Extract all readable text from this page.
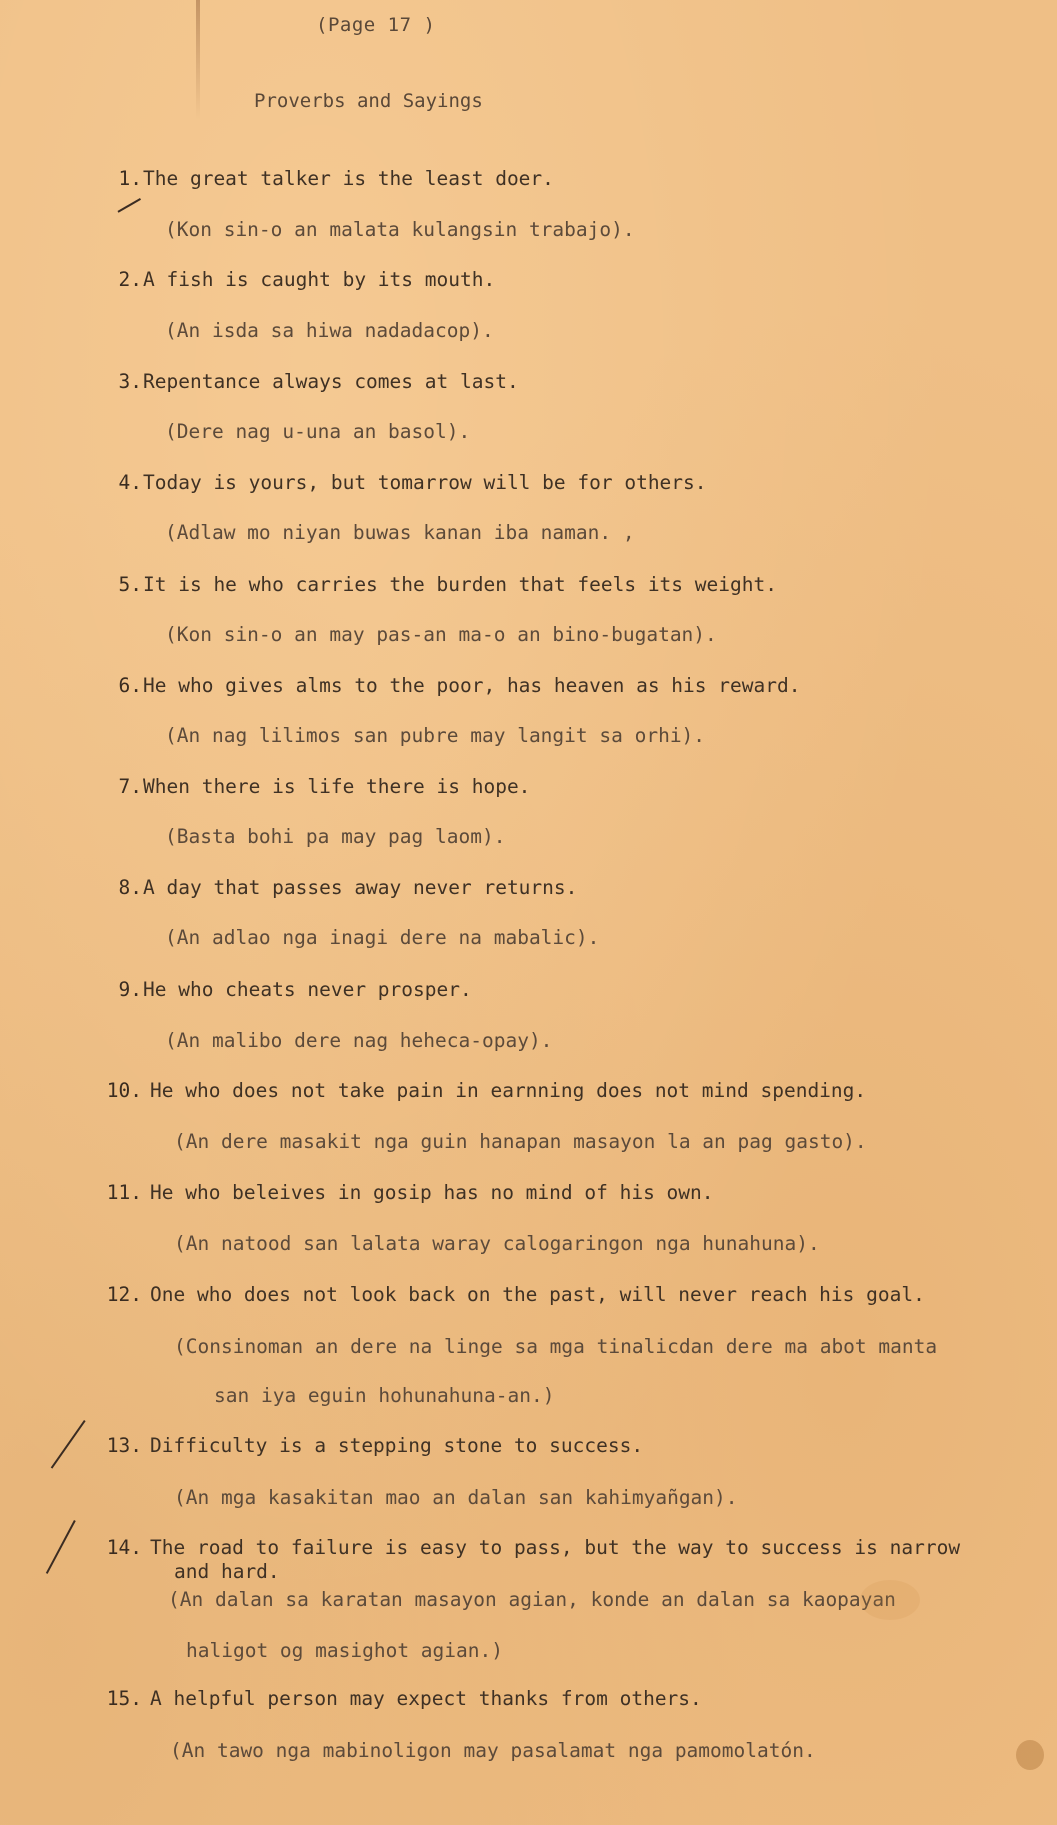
(Page 17 )
Proverbs and Sayings
1. The great talker is the least doer.
(Kon sin-o an malata kulangsin trabajo).
2. A fish is caught by its mouth.
(An isda sa hiwa nadadacop).
3. Repentance always comes at last.
(Dere nag u-una an basol).
4. Today is yours, but tomarrow will be for others.
(Adlaw mo niyan buwas kanan iba naman. ,
5. It is he who carries the burden that feels its weight.
(Kon sin-o an may pas-an ma-o an bino-bugatan).
6. He who gives alms to the poor, has heaven as his reward.
(An nag lilimos san pubre may langit sa orhi).
7. When there is life there is hope.
(Basta bohi pa may pag laom).
8. A day that passes away never returns.
(An adlao nga inagi dere na mabalic).
9. He who cheats never prosper.
(An malibo dere nag heheca-opay).
10. He who does not take pain in earnning does not mind spending.
(An dere masakit nga guin hanapan masayon la an pag gasto).
11. He who beleives in gosip has no mind of his own.
(An natood san lalata waray calogaringon nga hunahuna).
12. One who does not look back on the past, will never reach his goal.
(Consinoman an dere na linge sa mga tinalicdan dere ma abot manta
san iya eguin hohunahuna-an.)
13. Difficulty is a stepping stone to success.
(An mga kasakitan mao an dalan san kahimyañgan).
14. The road to failure is easy to pass, but the way to success is narrow
and hard.
(An dalan sa karatan masayon agian, konde an dalan sa kaopayan
haligot og masighot agian.)
15. A helpful person may expect thanks from others.
(An tawo nga mabinoligon may pasalamat nga pamomolatón.
